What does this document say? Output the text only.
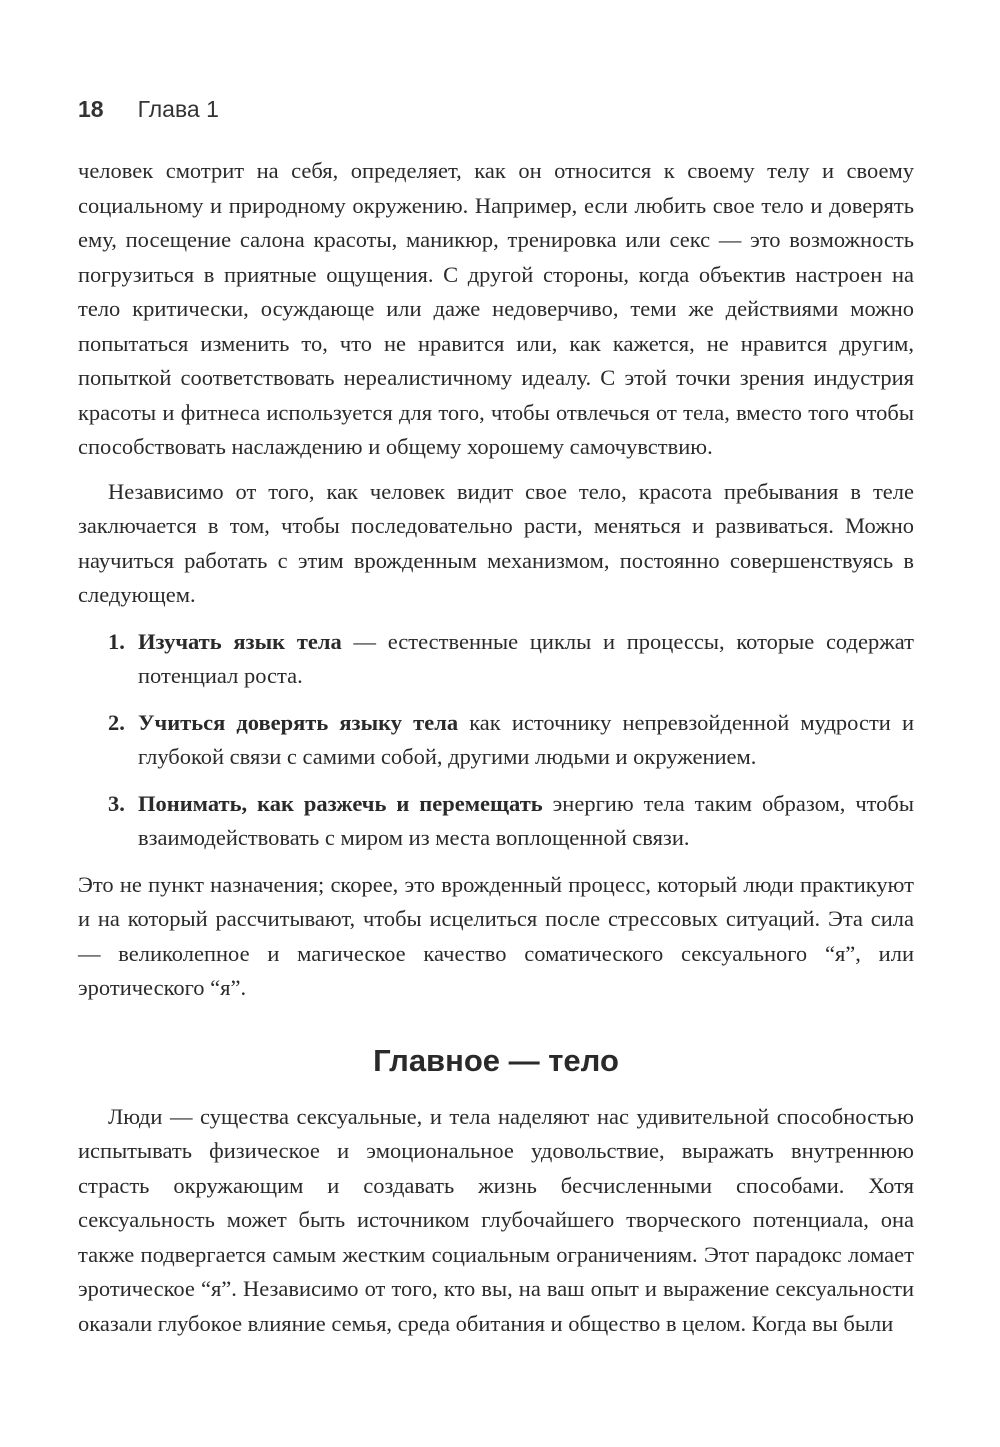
18 Глава 1

человек смотрит на себя, определяет, как он относится к своему телу и своему социальному и природному окружению. Например, если любить свое тело и доверять ему, посещение салона красоты, маникюр, тренировка или секс — это возможность погрузиться в приятные ощущения. С другой стороны, когда объектив настроен на тело критически, осуждающе или даже недоверчиво, теми же действиями можно попытаться изменить то, что не нравится или, как кажется, не нравится другим, попыткой соответствовать нереалистичному идеалу. С этой точки зрения индустрия красоты и фитнеса используется для того, чтобы отвлечься от тела, вместо того чтобы способствовать наслаждению и общему хорошему самочувствию.

Независимо от того, как человек видит свое тело, красота пребывания в теле заключается в том, чтобы последовательно расти, меняться и развиваться. Можно научиться работать с этим врожденным механизмом, постоянно совершенствуясь в следующем.

1. Изучать язык тела — естественные циклы и процессы, которые содержат потенциал роста.
2. Учиться доверять языку тела как источнику непревзойденной мудрости и глубокой связи с самими собой, другими людьми и окружением.
3. Понимать, как разжечь и перемещать энергию тела таким образом, чтобы взаимодействовать с миром из места воплощенной связи.

Это не пункт назначения; скорее, это врожденный процесс, который люди практикуют и на который рассчитывают, чтобы исцелиться после стрессовых ситуаций. Эта сила — великолепное и магическое качество соматического сексуального “я”, или эротического “я”.

Главное — тело

Люди — существа сексуальные, и тела наделяют нас удивительной способностью испытывать физическое и эмоциональное удовольствие, выражать внутреннюю страсть окружающим и создавать жизнь бесчисленными способами. Хотя сексуальность может быть источником глубочайшего творческого потенциала, она также подвергается самым жестким социальным ограничениям. Этот парадокс ломает эротическое “я”. Независимо от того, кто вы, на ваш опыт и выражение сексуальности оказали глубокое влияние семья, среда обитания и общество в целом. Когда вы были
